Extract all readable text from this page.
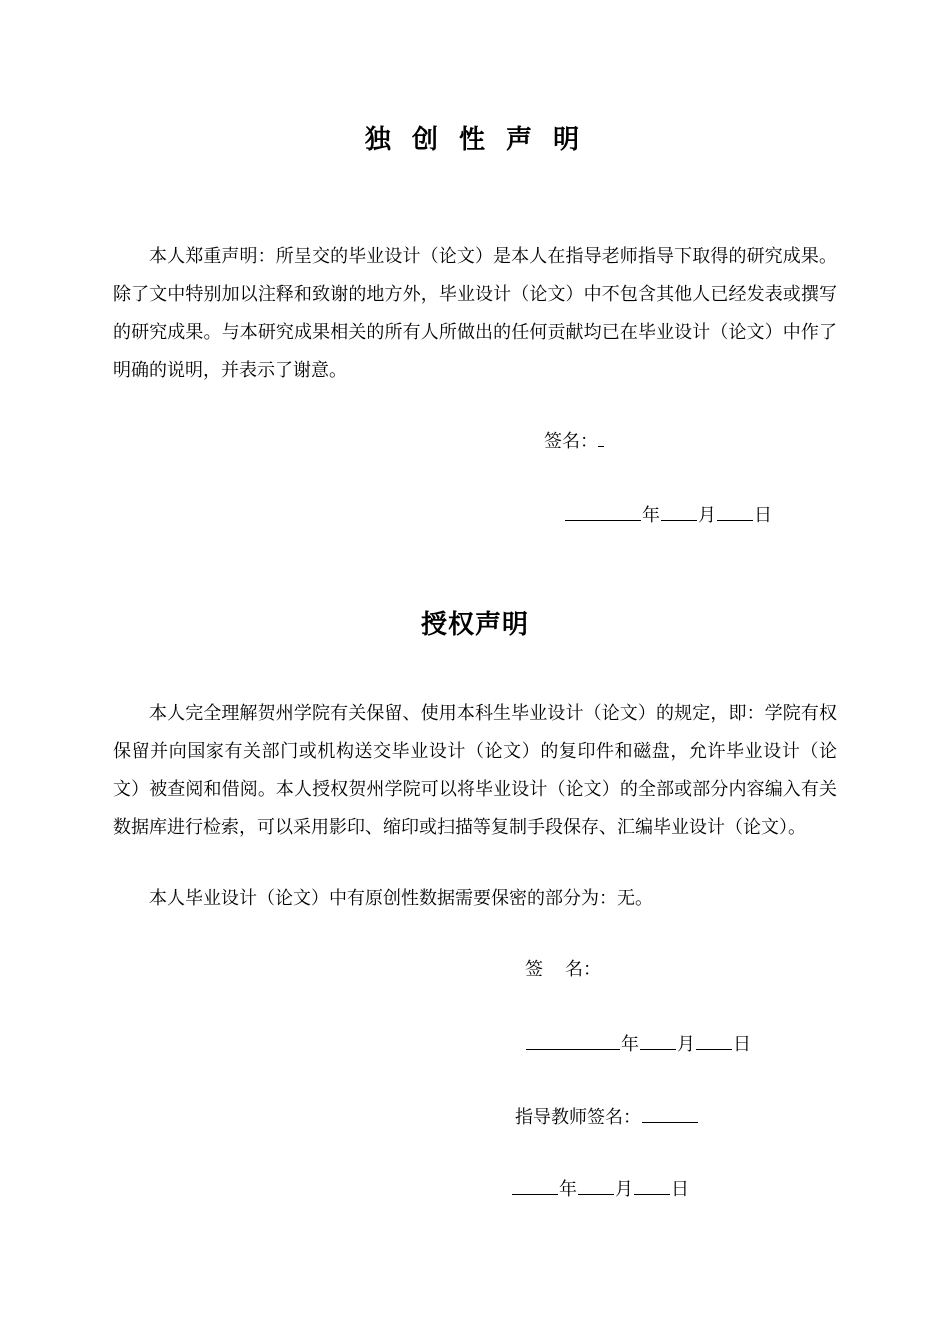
独 创 性 声 明

本人郑重声明：所呈交的毕业设计（论文）是本人在指导老师指导下取得的研究成果。除了文中特别加以注释和致谢的地方外，毕业设计（论文）中不包含其他人已经发表或撰写的研究成果。与本研究成果相关的所有人所做出的任何贡献均已在毕业设计（论文）中作了明确的说明，并表示了谢意。

签名：
年 月 日
授权声明

本人完全理解贺州学院有关保留、使用本科生毕业设计（论文）的规定，即：学院有权保留并向国家有关部门或机构送交毕业设计（论文）的复印件和磁盘，允许毕业设计（论文）被查阅和借阅。本人授权贺州学院可以将毕业设计（论文）的全部或部分内容编入有关数据库进行检索，可以采用影印、缩印或扫描等复制手段保存、汇编毕业设计（论文）。

本人毕业设计（论文）中有原创性数据需要保密的部分为：无。

签 名：
年 月 日
指导教师签名：
年 月 日
